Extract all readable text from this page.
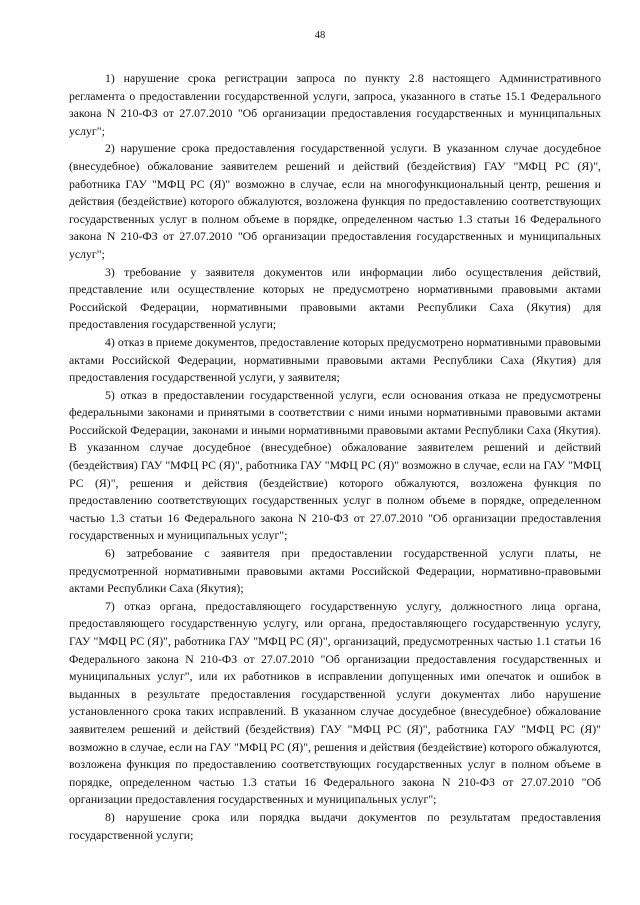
48

1) нарушение срока регистрации запроса по пункту 2.8 настоящего Административного регламента о предоставлении государственной услуги, запроса, указанного в статье 15.1 Федерального закона N 210-ФЗ от 27.07.2010 "Об организации предоставления государственных и муниципальных услуг";

2) нарушение срока предоставления государственной услуги. В указанном случае досудебное (внесудебное) обжалование заявителем решений и действий (бездействия) ГАУ "МФЦ РС (Я)", работника ГАУ "МФЦ РС (Я)" возможно в случае, если на многофункциональный центр, решения и действия (бездействие) которого обжалуются, возложена функция по предоставлению соответствующих государственных услуг в полном объеме в порядке, определенном частью 1.3 статьи 16 Федерального закона N 210-ФЗ от 27.07.2010 "Об организации предоставления государственных и муниципальных услуг";

3) требование у заявителя документов или информации либо осуществления действий, представление или осуществление которых не предусмотрено нормативными правовыми актами Российской Федерации, нормативными правовыми актами Республики Саха (Якутия) для предоставления государственной услуги;

4) отказ в приеме документов, предоставление которых предусмотрено нормативными правовыми актами Российской Федерации, нормативными правовыми актами Республики Саха (Якутия) для предоставления государственной услуги, у заявителя;

5) отказ в предоставлении государственной услуги, если основания отказа не предусмотрены федеральными законами и принятыми в соответствии с ними иными нормативными правовыми актами Российской Федерации, законами и иными нормативными правовыми актами Республики Саха (Якутия). В указанном случае досудебное (внесудебное) обжалование заявителем решений и действий (бездействия) ГАУ "МФЦ РС (Я)", работника ГАУ "МФЦ РС (Я)" возможно в случае, если на ГАУ "МФЦ РС (Я)", решения и действия (бездействие) которого обжалуются, возложена функция по предоставлению соответствующих государственных услуг в полном объеме в порядке, определенном частью 1.3 статьи 16 Федерального закона N 210-ФЗ от 27.07.2010 "Об организации предоставления государственных и муниципальных услуг";

6) затребование с заявителя при предоставлении государственной услуги платы, не предусмотренной нормативными правовыми актами Российской Федерации, нормативно-правовыми актами Республики Саха (Якутия);

7) отказ органа, предоставляющего государственную услугу, должностного лица органа, предоставляющего государственную услугу, или органа, предоставляющего государственную услугу, ГАУ "МФЦ РС (Я)", работника ГАУ "МФЦ РС (Я)", организаций, предусмотренных частью 1.1 статьи 16 Федерального закона N 210-ФЗ от 27.07.2010 "Об организации предоставления государственных и муниципальных услуг", или их работников в исправлении допущенных ими опечаток и ошибок в выданных в результате предоставления государственной услуги документах либо нарушение установленного срока таких исправлений. В указанном случае досудебное (внесудебное) обжалование заявителем решений и действий (бездействия) ГАУ "МФЦ РС (Я)", работника ГАУ "МФЦ РС (Я)" возможно в случае, если на ГАУ "МФЦ РС (Я)", решения и действия (бездействие) которого обжалуются, возложена функция по предоставлению соответствующих государственных услуг в полном объеме в порядке, определенном частью 1.3 статьи 16 Федерального закона N 210-ФЗ от 27.07.2010 "Об организации предоставления государственных и муниципальных услуг";

8) нарушение срока или порядка выдачи документов по результатам предоставления государственной услуги;
